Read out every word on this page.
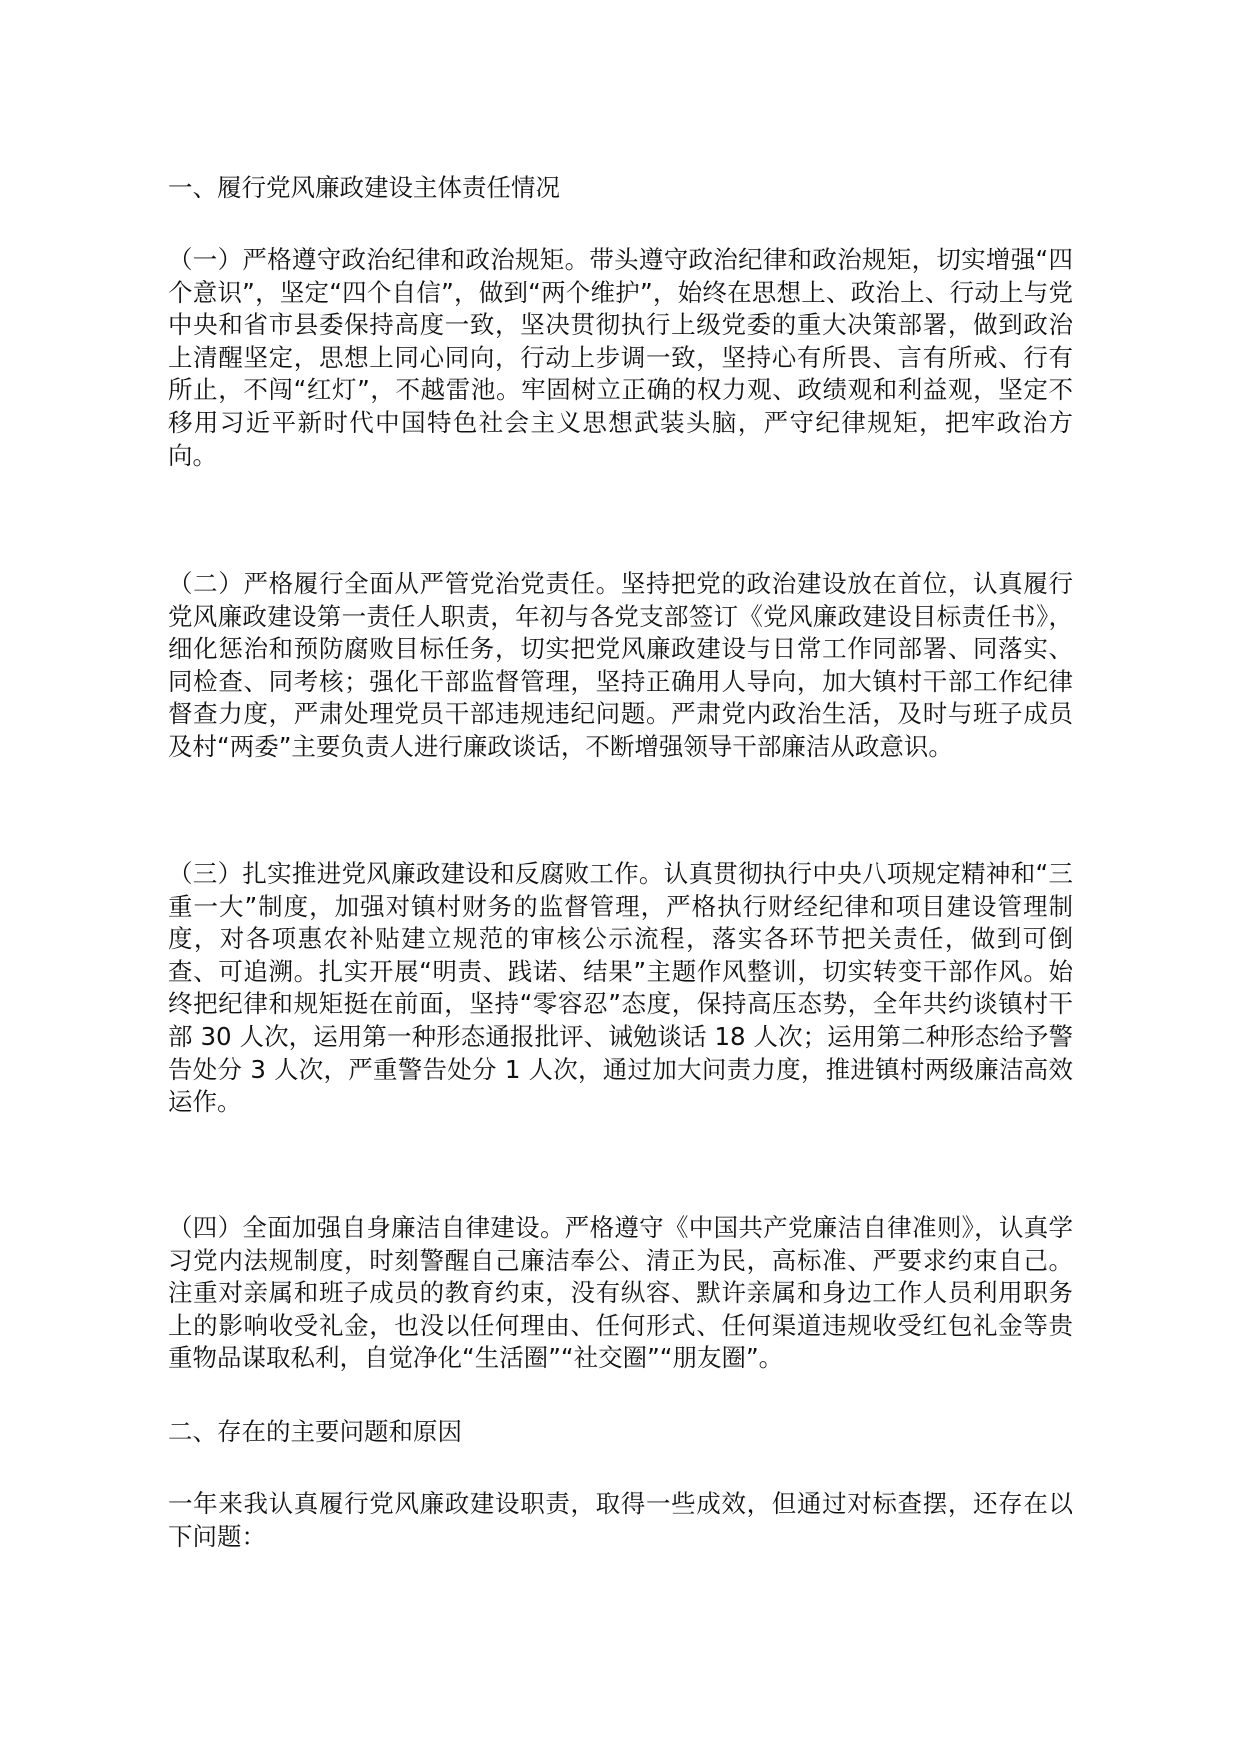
一、履行党风廉政建设主体责任情况

（一）严格遵守政治纪律和政治规矩。带头遵守政治纪律和政治规矩，切实增强“四个意识”，坚定“四个自信”，做到“两个维护”，始终在思想上、政治上、行动上与党中央和省市县委保持高度一致，坚决贯彻执行上级党委的重大决策部署，做到政治上清醒坚定，思想上同心同向，行动上步调一致，坚持心有所畏、言有所戒、行有所止，不闯“红灯”，不越雷池。牢固树立正确的权力观、政绩观和利益观，坚定不移用习近平新时代中国特色社会主义思想武装头脑，严守纪律规矩，把牢政治方向。

（二）严格履行全面从严管党治党责任。坚持把党的政治建设放在首位，认真履行党风廉政建设第一责任人职责，年初与各党支部签订《党风廉政建设目标责任书》，细化惩治和预防腐败目标任务，切实把党风廉政建设与日常工作同部署、同落实、同检查、同考核；强化干部监督管理，坚持正确用人导向，加大镇村干部工作纪律督查力度，严肃处理党员干部违规违纪问题。严肃党内政治生活，及时与班子成员及村“两委”主要负责人进行廉政谈话，不断增强领导干部廉洁从政意识。

（三）扎实推进党风廉政建设和反腐败工作。认真贯彻执行中央八项规定精神和“三重一大”制度，加强对镇村财务的监督管理，严格执行财经纪律和项目建设管理制度，对各项惠农补贴建立规范的审核公示流程，落实各环节把关责任，做到可倒查、可追溯。扎实开展“明责、践诺、结果”主题作风整训，切实转变干部作风。始终把纪律和规矩挺在前面，坚持“零容忍”态度，保持高压态势，全年共约谈镇村干部 30 人次，运用第一种形态通报批评、诫勉谈话 18 人次；运用第二种形态给予警告处分 3 人次，严重警告处分 1 人次，通过加大问责力度，推进镇村两级廉洁高效运作。

（四）全面加强自身廉洁自律建设。严格遵守《中国共产党廉洁自律准则》，认真学习党内法规制度，时刻警醒自己廉洁奉公、清正为民，高标准、严要求约束自己。注重对亲属和班子成员的教育约束，没有纵容、默许亲属和身边工作人员利用职务上的影响收受礼金，也没以任何理由、任何形式、任何渠道违规收受红包礼金等贵重物品谋取私利，自觉净化“生活圈”“社交圈”“朋友圈”。

二、存在的主要问题和原因

一年来我认真履行党风廉政建设职责，取得一些成效，但通过对标查摆，还存在以下问题：
